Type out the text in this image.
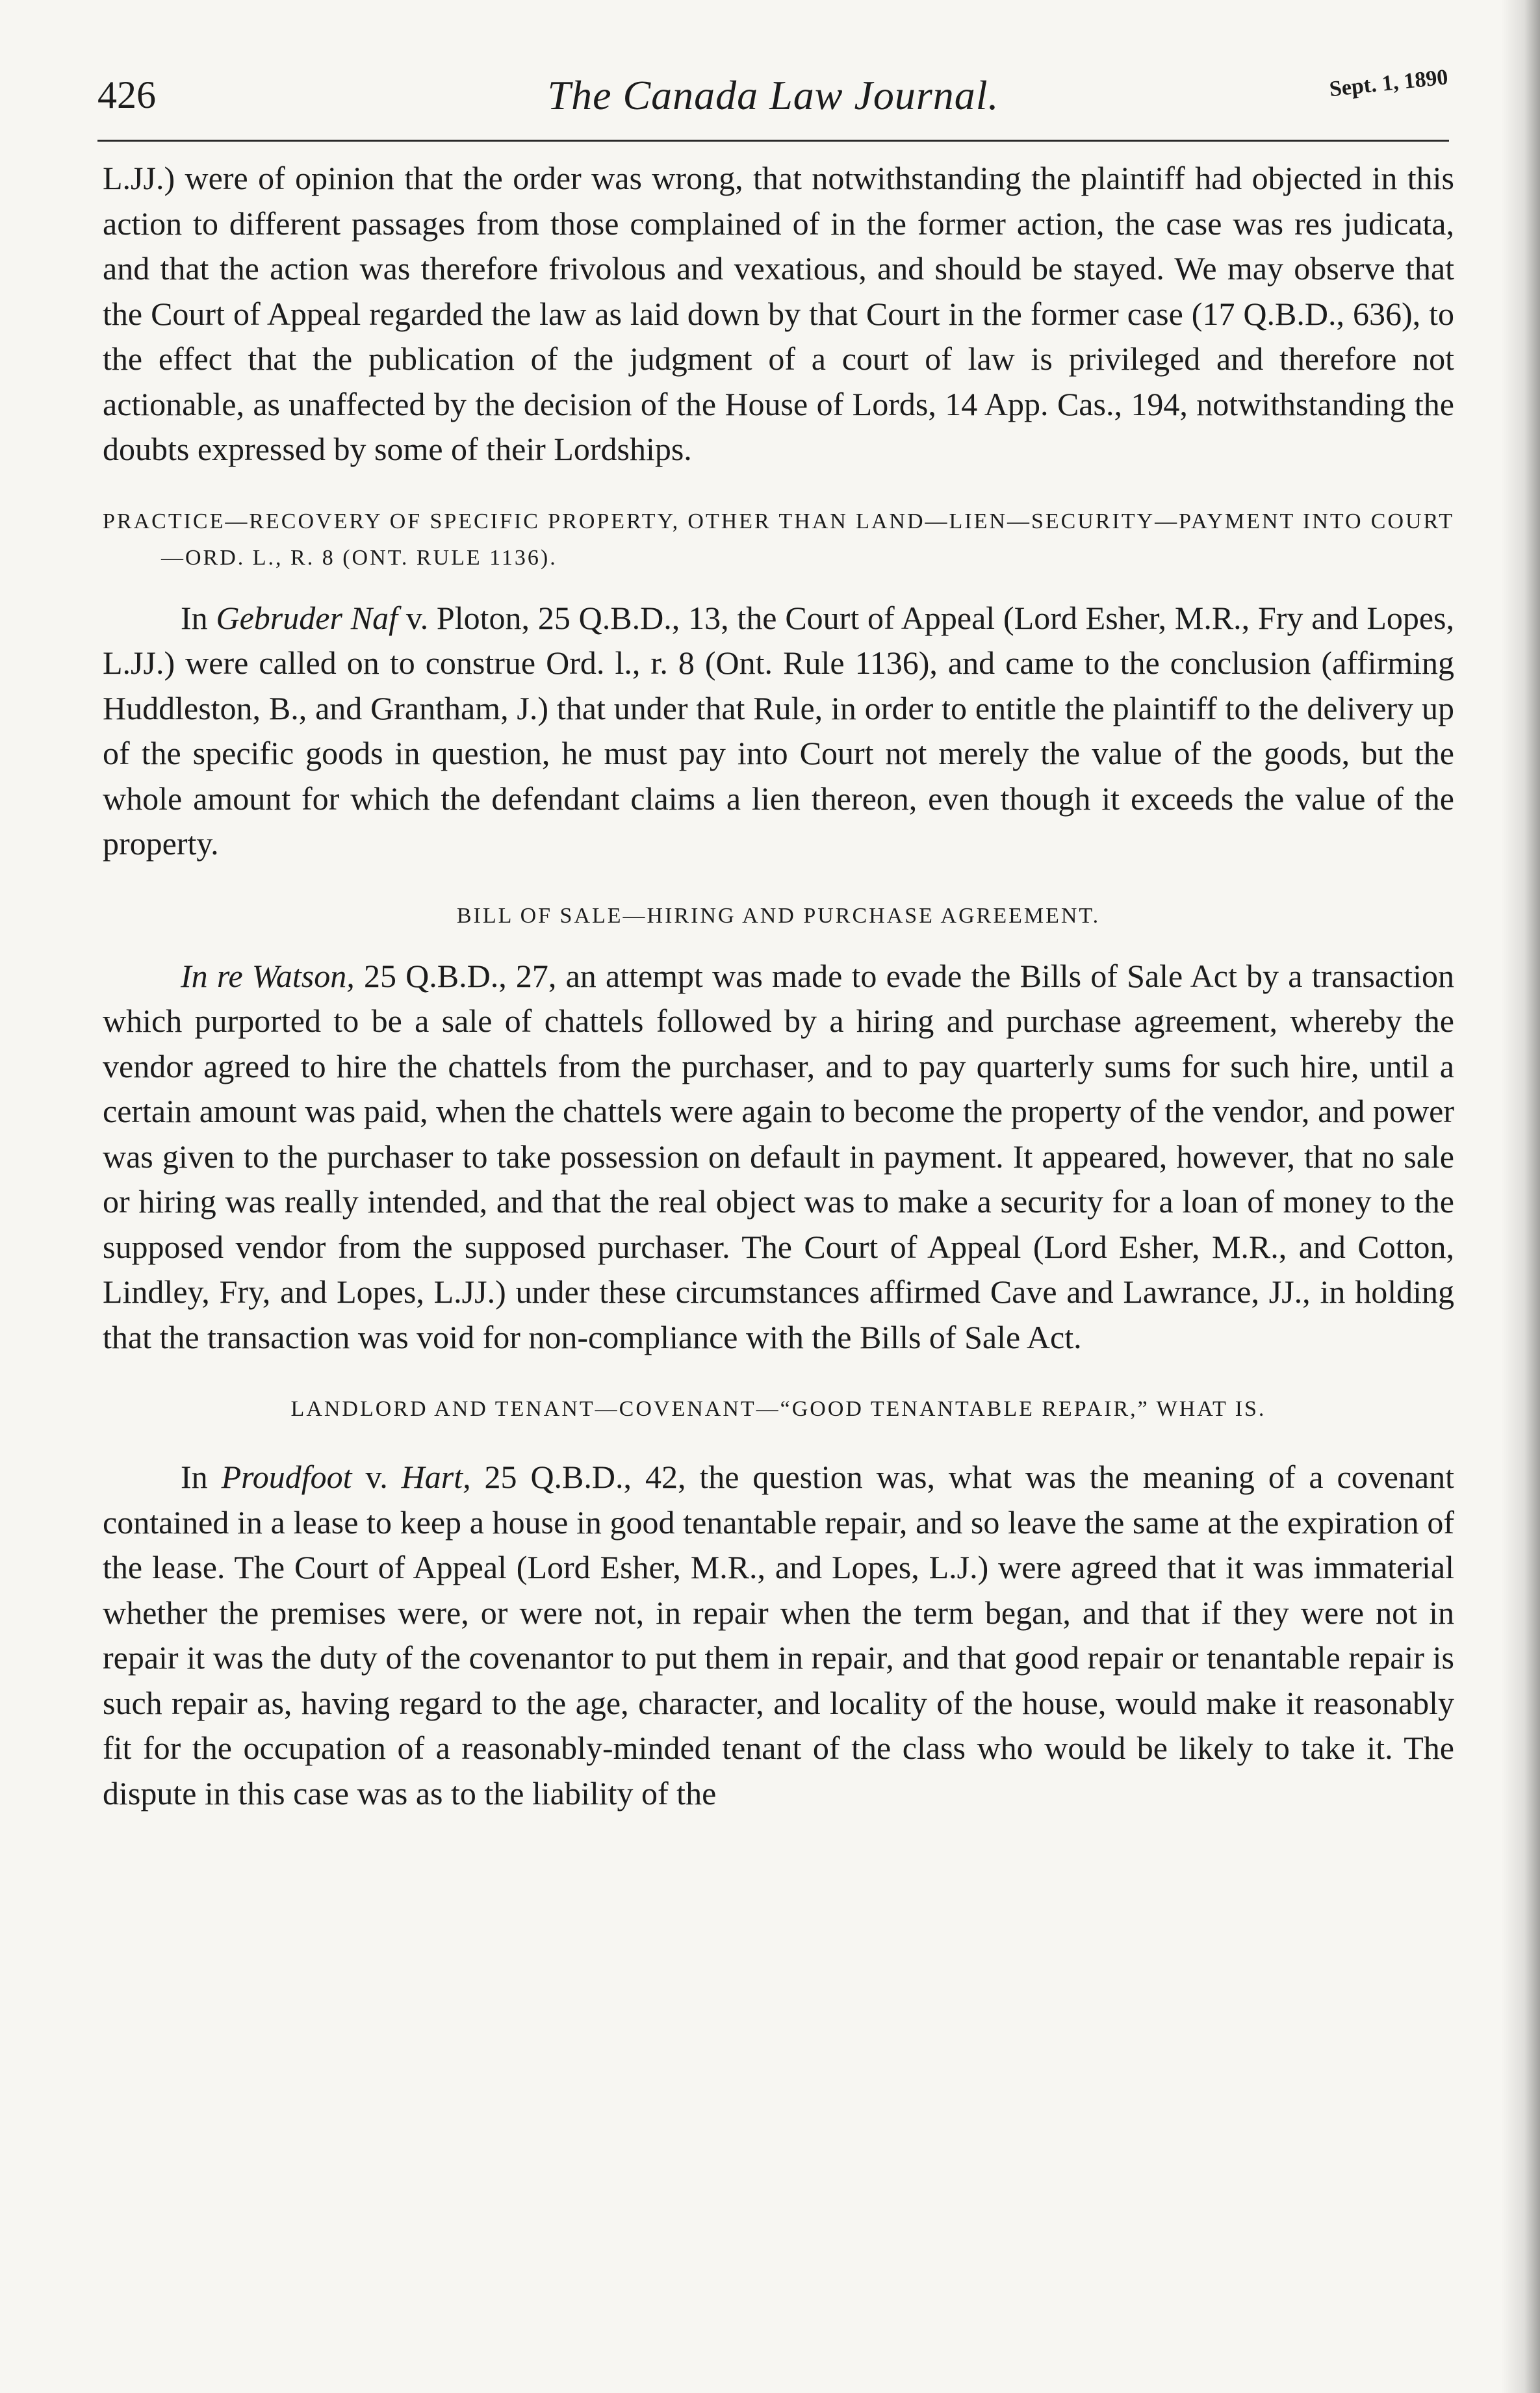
426	The Canada Law Journal.	Sept. 1, 1890

L.JJ.) were of opinion that the order was wrong, that notwithstanding the plaintiff had objected in this action to different passages from those complained of in the former action, the case was res judicata, and that the action was therefore frivolous and vexatious, and should be stayed. We may observe that the Court of Appeal regarded the law as laid down by that Court in the former case (17 Q.B.D., 636), to the effect that the publication of the judgment of a court of law is privileged and therefore not actionable, as unaffected by the decision of the House of Lords, 14 App. Cas., 194, notwithstanding the doubts expressed by some of their Lordships.

PRACTICE—RECOVERY OF SPECIFIC PROPERTY, OTHER THAN LAND—LIEN—SECURITY—PAYMENT INTO COURT—ORD. L., R. 8 (ONT. RULE 1136).

In Gebruder Naf v. Ploton, 25 Q.B.D., 13, the Court of Appeal (Lord Esher, M.R., Fry and Lopes, L.JJ.) were called on to construe Ord. l., r. 8 (Ont. Rule 1136), and came to the conclusion (affirming Huddleston, B., and Grantham, J.) that under that Rule, in order to entitle the plaintiff to the delivery up of the specific goods in question, he must pay into Court not merely the value of the goods, but the whole amount for which the defendant claims a lien thereon, even though it exceeds the value of the property.

BILL OF SALE—HIRING AND PURCHASE AGREEMENT.

In re Watson, 25 Q.B.D., 27, an attempt was made to evade the Bills of Sale Act by a transaction which purported to be a sale of chattels followed by a hiring and purchase agreement, whereby the vendor agreed to hire the chattels from the purchaser, and to pay quarterly sums for such hire, until a certain amount was paid, when the chattels were again to become the property of the vendor, and power was given to the purchaser to take possession on default in payment. It appeared, however, that no sale or hiring was really intended, and that the real object was to make a security for a loan of money to the supposed vendor from the supposed purchaser. The Court of Appeal (Lord Esher, M.R., and Cotton, Lindley, Fry, and Lopes, L.JJ.) under these circumstances affirmed Cave and Lawrance, JJ., in holding that the transaction was void for non-compliance with the Bills of Sale Act.

LANDLORD AND TENANT—COVENANT—“GOOD TENANTABLE REPAIR,” WHAT IS.

In Proudfoot v. Hart, 25 Q.B.D., 42, the question was, what was the meaning of a covenant contained in a lease to keep a house in good tenantable repair, and so leave the same at the expiration of the lease. The Court of Appeal (Lord Esher, M.R., and Lopes, L.J.) were agreed that it was immaterial whether the premises were, or were not, in repair when the term began, and that if they were not in repair it was the duty of the covenantor to put them in repair, and that good repair or tenantable repair is such repair as, having regard to the age, character, and locality of the house, would make it reasonably fit for the occupation of a reasonably-minded tenant of the class who would be likely to take it. The dispute in this case was as to the liability of the
